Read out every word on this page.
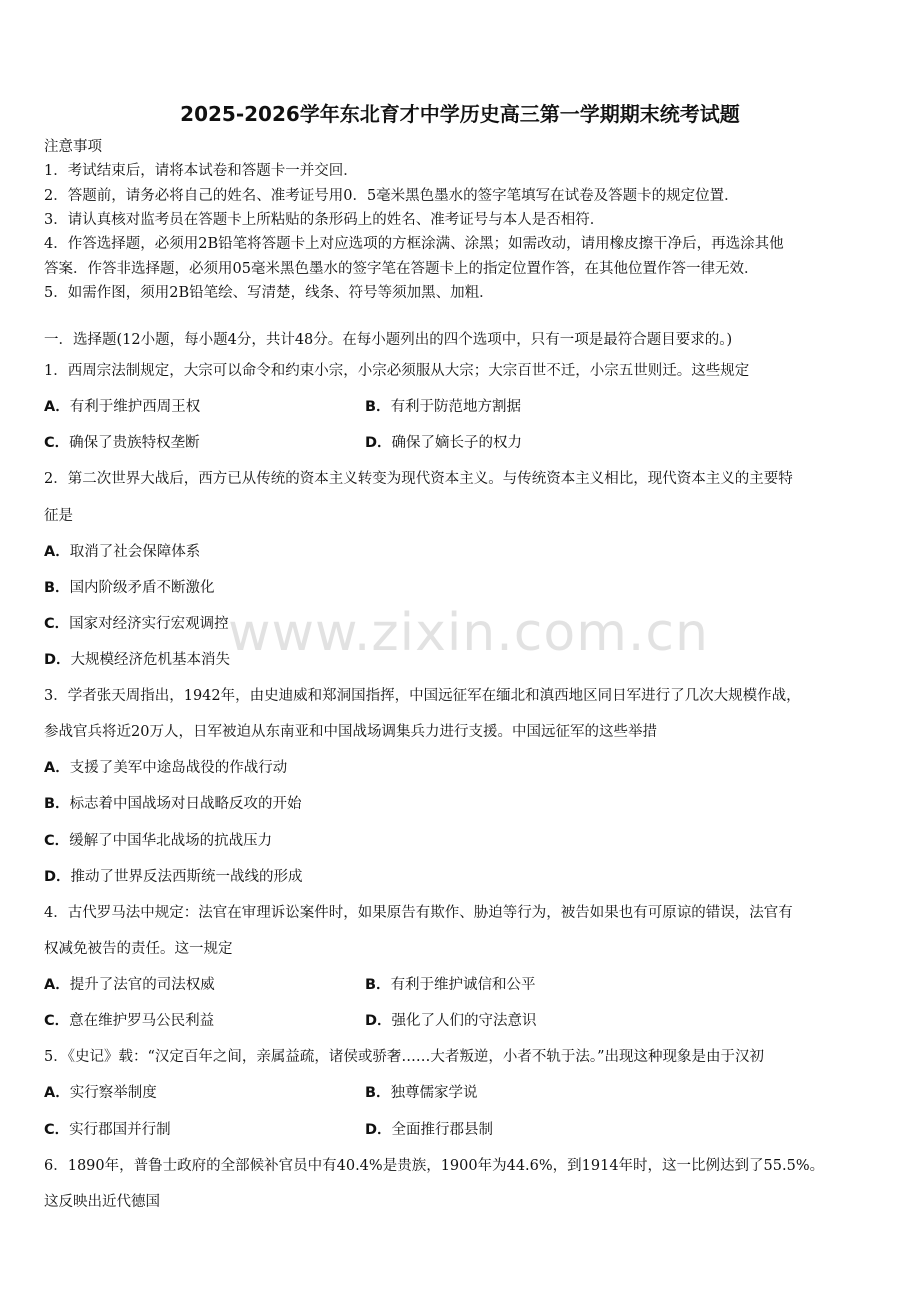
2025-2026学年东北育才中学历史高三第一学期期末统考试题
注意事项
1．考试结束后，请将本试卷和答题卡一并交回．
2．答题前，请务必将自己的姓名、准考证号用0．5毫米黑色墨水的签字笔填写在试卷及答题卡的规定位置．
3．请认真核对监考员在答题卡上所粘贴的条形码上的姓名、准考证号与本人是否相符．
4．作答选择题，必须用2B铅笔将答题卡上对应选项的方框涂满、涂黑；如需改动，请用橡皮擦干净后，再选涂其他
答案．作答非选择题，必须用05毫米黑色墨水的签字笔在答题卡上的指定位置作答，在其他位置作答一律无效．
5．如需作图，须用2B铅笔绘、写清楚，线条、符号等须加黑、加粗．
一．选择题(12小题，每小题4分，共计48分。在每小题列出的四个选项中，只有一项是最符合题目要求的。)
1．西周宗法制规定，大宗可以命令和约束小宗，小宗必须服从大宗；大宗百世不迁，小宗五世则迁。这些规定
A．有利于维护西周王权	B．有利于防范地方割据
C．确保了贵族特权垄断	D．确保了嫡长子的权力
2．第二次世界大战后，西方已从传统的资本主义转变为现代资本主义。与传统资本主义相比，现代资本主义的主要特
征是
A．取消了社会保障体系
B．国内阶级矛盾不断激化
C．国家对经济实行宏观调控
D．大规模经济危机基本消失
3．学者张天周指出，1942年，由史迪威和郑洞国指挥，中国远征军在缅北和滇西地区同日军进行了几次大规模作战，
参战官兵将近20万人，日军被迫从东南亚和中国战场调集兵力进行支援。中国远征军的这些举措
A．支援了美军中途岛战役的作战行动
B．标志着中国战场对日战略反攻的开始
C．缓解了中国华北战场的抗战压力
D．推动了世界反法西斯统一战线的形成
4．古代罗马法中规定：法官在审理诉讼案件时，如果原告有欺作、胁迫等行为，被告如果也有可原谅的错误，法官有
权减免被告的责任。这一规定
A．提升了法官的司法权威	B．有利于维护诚信和公平
C．意在维护罗马公民利益	D．强化了人们的守法意识
5．《史记》载：“汉定百年之间，亲属益疏，诸侯或骄奢……大者叛逆，小者不轨于法。”出现这种现象是由于汉初
A．实行察举制度	B．独尊儒家学说
C．实行郡国并行制	D．全面推行郡县制
6．1890年，普鲁士政府的全部候补官员中有40.4%是贵族，1900年为44.6%，到1914年时，这一比例达到了55.5%。
这反映出近代德国
www.zixin.com.cn
